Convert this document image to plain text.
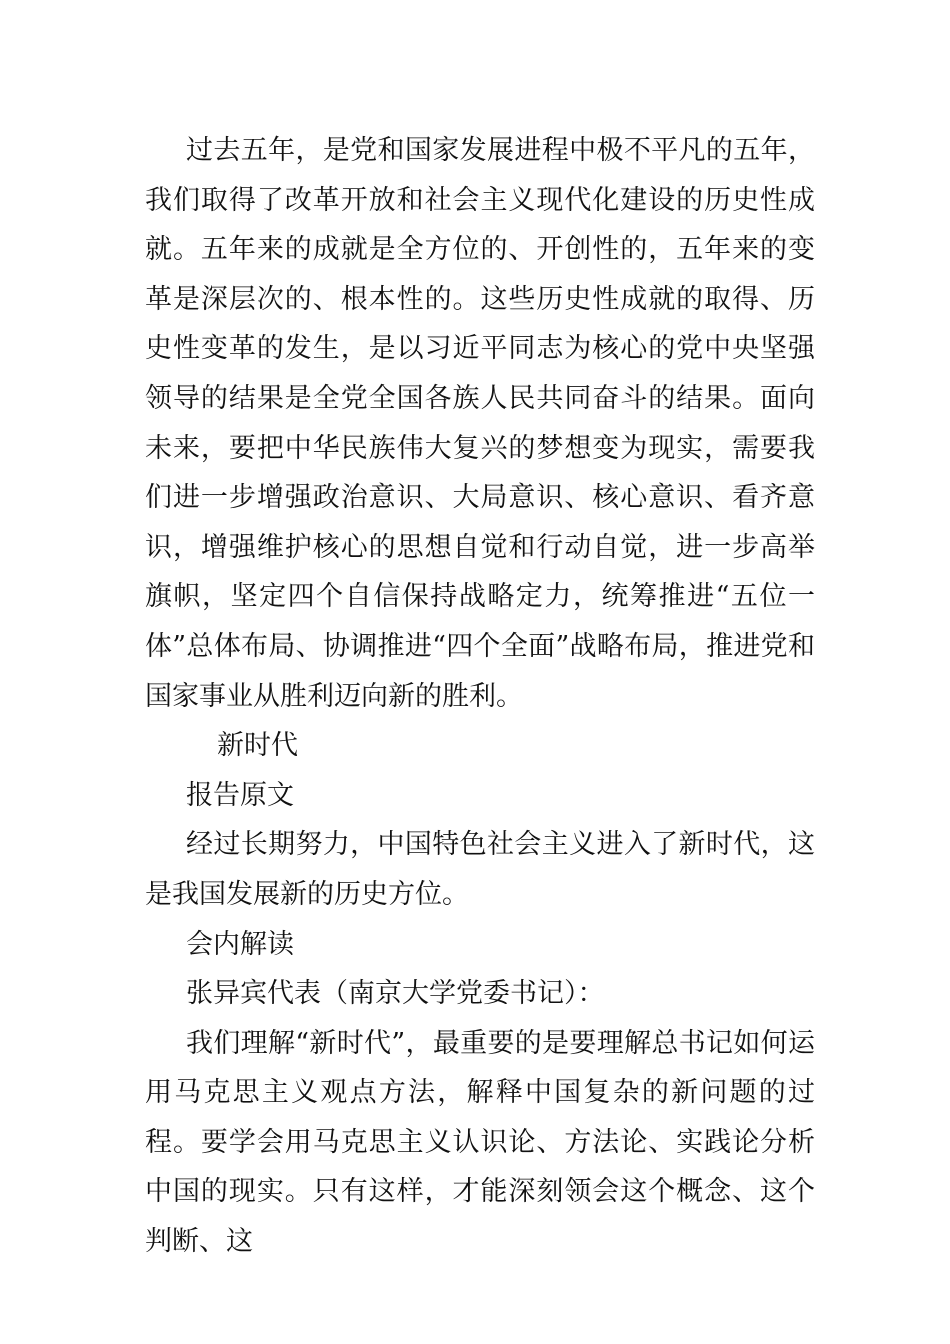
过去五年，是党和国家发展进程中极不平凡的五年，我们取得了改革开放和社会主义现代化建设的历史性成就。五年来的成就是全方位的、开创性的，五年来的变革是深层次的、根本性的。这些历史性成就的取得、历史性变革的发生，是以习近平同志为核心的党中央坚强领导的结果是全党全国各族人民共同奋斗的结果。面向未来，要把中华民族伟大复兴的梦想变为现实，需要我们进一步增强政治意识、大局意识、核心意识、看齐意识，增强维护核心的思想自觉和行动自觉，进一步高举旗帜，坚定四个自信保持战略定力，统筹推进“五位一体”总体布局、协调推进“四个全面”战略布局，推进党和国家事业从胜利迈向新的胜利。

新时代

报告原文

经过长期努力，中国特色社会主义进入了新时代，这是我国发展新的历史方位。

会内解读

张异宾代表（南京大学党委书记）：

我们理解“新时代”，最重要的是要理解总书记如何运用马克思主义观点方法，解释中国复杂的新问题的过程。要学会用马克思主义认识论、方法论、实践论分析中国的现实。只有这样，才能深刻领会这个概念、这个判断、这
